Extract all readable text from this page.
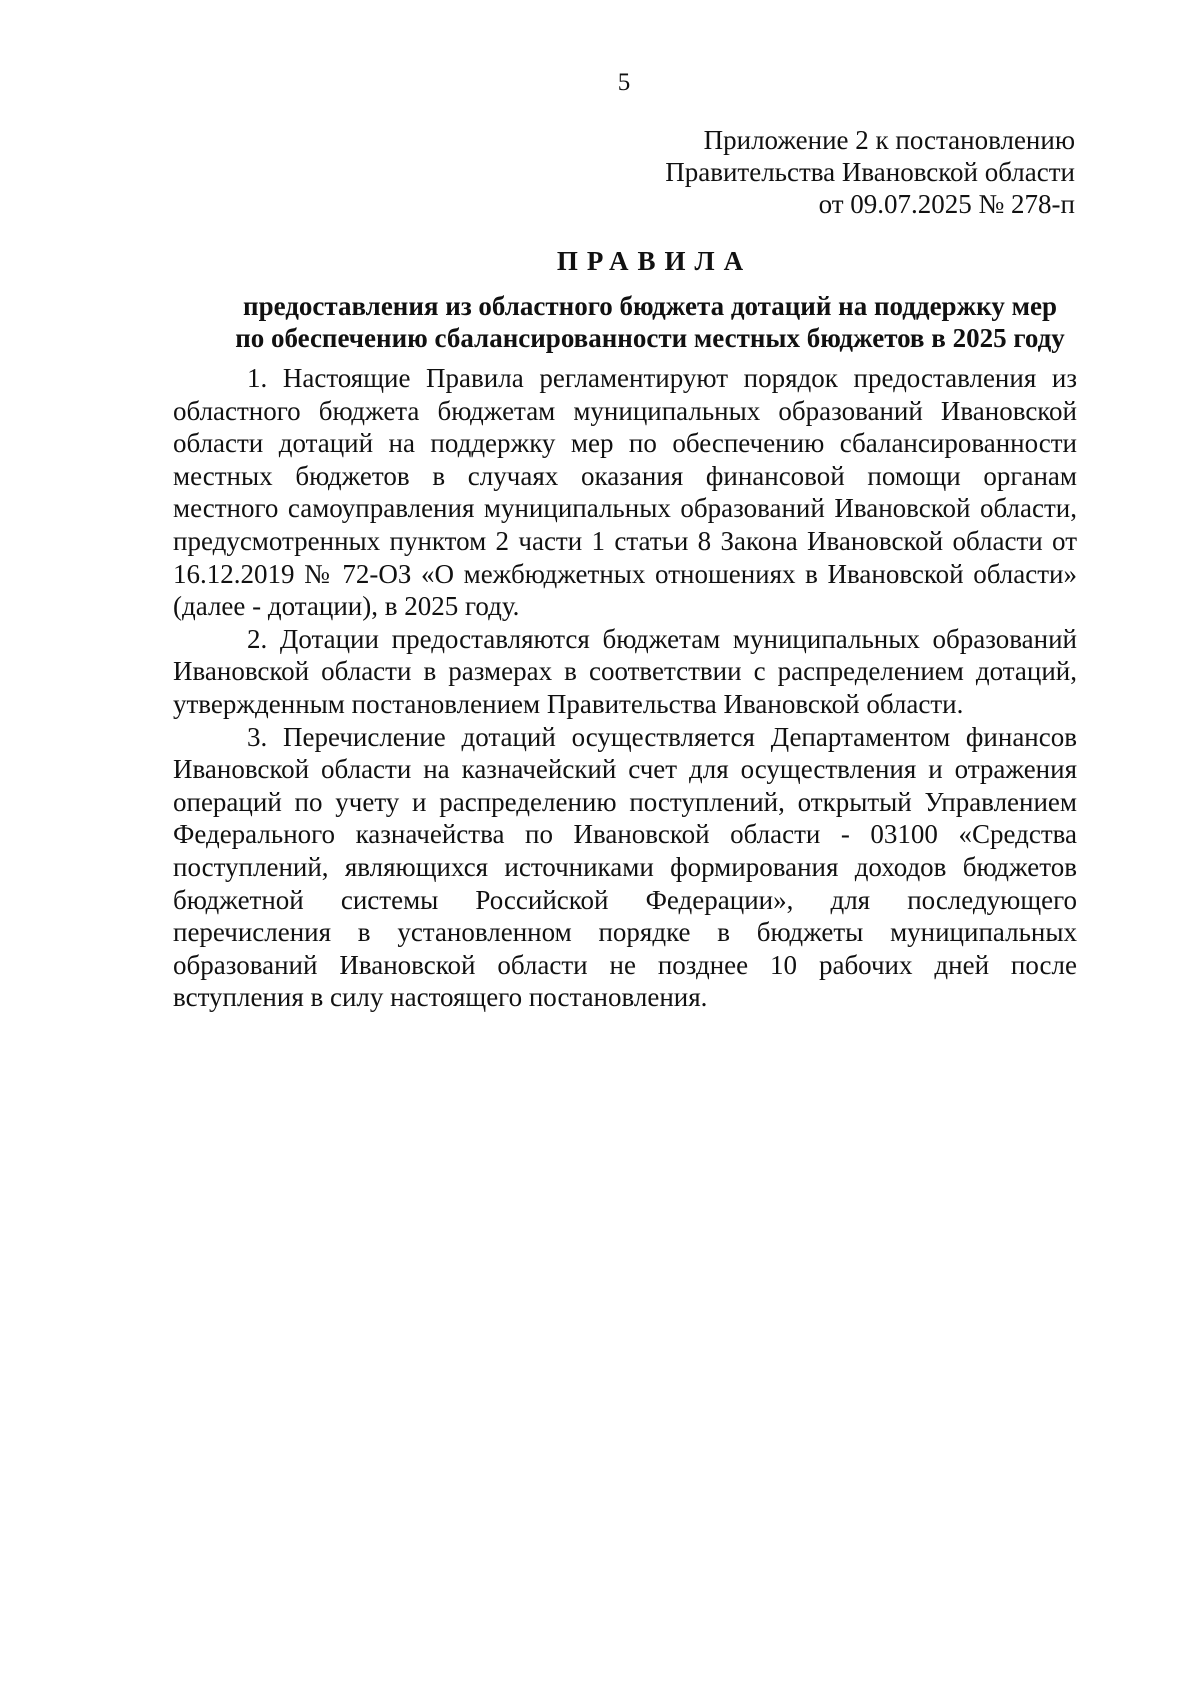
5
Приложение 2 к постановлению
Правительства Ивановской области
от 09.07.2025 № 278-п
ПРАВИЛА
предоставления из областного бюджета дотаций на поддержку мер
по обеспечению сбалансированности местных бюджетов в 2025 году

1. Настоящие Правила регламентируют порядок предоставления из областного бюджета бюджетам муниципальных образований Ивановской области дотаций на поддержку мер по обеспечению сбалансированности местных бюджетов в случаях оказания финансовой помощи органам местного самоуправления муниципальных образований Ивановской области, предусмотренных пунктом 2 части 1 статьи 8 Закона Ивановской области от 16.12.2019 № 72-ОЗ «О межбюджетных отношениях в Ивановской области» (далее - дотации), в 2025 году.

2. Дотации предоставляются бюджетам муниципальных образований Ивановской области в размерах в соответствии с распределением дотаций, утвержденным постановлением Правительства Ивановской области.

3. Перечисление дотаций осуществляется Департаментом финансов Ивановской области на казначейский счет для осуществления и отражения операций по учету и распределению поступлений, открытый Управлением Федерального казначейства по Ивановской области - 03100 «Средства поступлений, являющихся источниками формирования доходов бюджетов бюджетной системы Российской Федерации», для последующего перечисления в установленном порядке в бюджеты муниципальных образований Ивановской области не позднее 10 рабочих дней после вступления в силу настоящего постановления.
